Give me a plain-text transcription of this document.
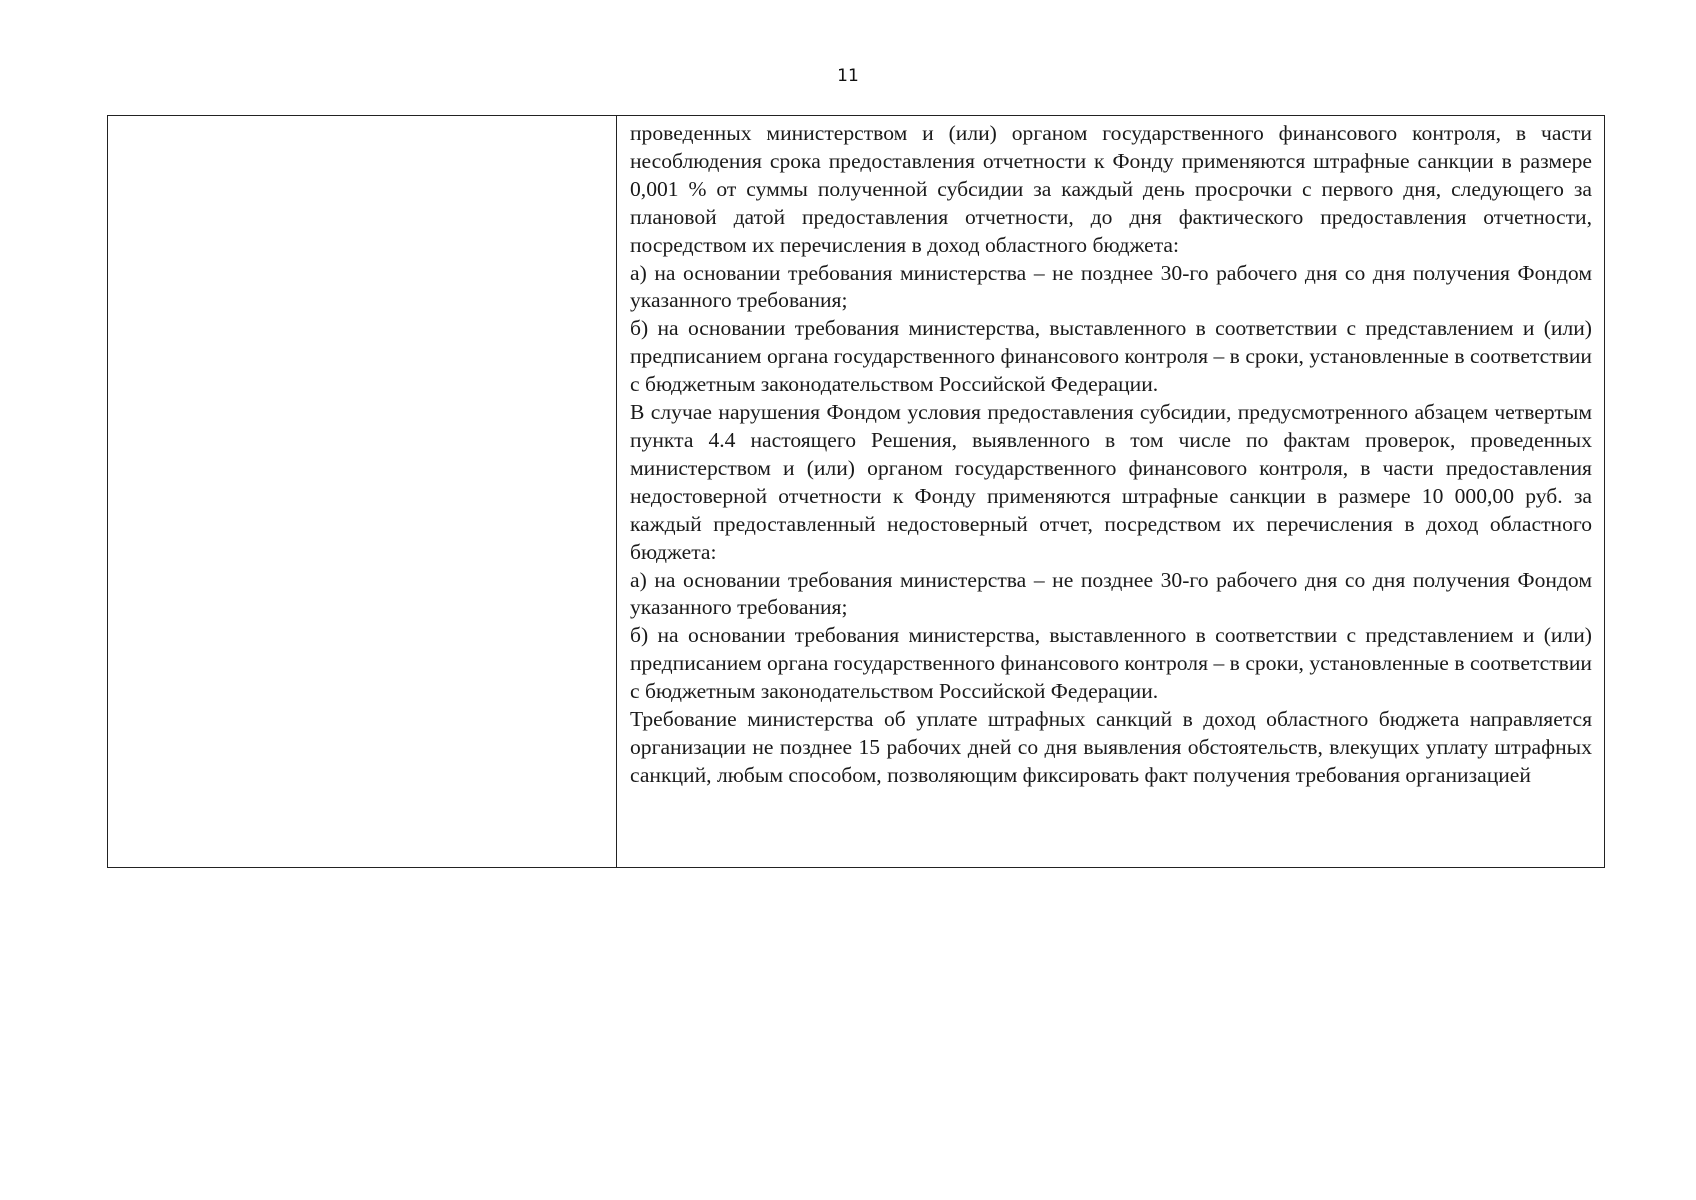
11

проведенных министерством и (или) органом государственного финансового контроля, в части несоблюдения срока предоставления отчетности к Фонду применяются штрафные санкции в размере 0,001 % от суммы полученной субсидии за каждый день просрочки с первого дня, следующего за плановой датой предоставления отчетности, до дня фактического предоставления отчетности, посредством их перечисления в доход областного бюджета:

а) на основании требования министерства – не позднее 30-го рабочего дня со дня получения Фондом указанного требования;

б) на основании требования министерства, выставленного в соответствии с представлением и (или) предписанием органа государственного финансового контроля – в сроки, установленные в соответствии с бюджетным законодательством Российской Федерации.

В случае нарушения Фондом условия предоставления субсидии, предусмотренного абзацем четвертым пункта 4.4 настоящего Решения, выявленного в том числе по фактам проверок, проведенных министерством и (или) органом государственного финансового контроля, в части предоставления недостоверной отчетности к Фонду применяются штрафные санкции в размере 10 000,00 руб. за каждый предоставленный недостоверный отчет, посредством их перечисления в доход областного бюджета:

а) на основании требования министерства – не позднее 30-го рабочего дня со дня получения Фондом указанного требования;

б) на основании требования министерства, выставленного в соответствии с представлением и (или) предписанием органа государственного финансового контроля – в сроки, установленные в соответствии с бюджетным законодательством Российской Федерации.

Требование министерства об уплате штрафных санкций в доход областного бюджета направляется организации не позднее 15 рабочих дней со дня выявления обстоятельств, влекущих уплату штрафных санкций, любым способом, позволяющим фиксировать факт получения требования организацией
